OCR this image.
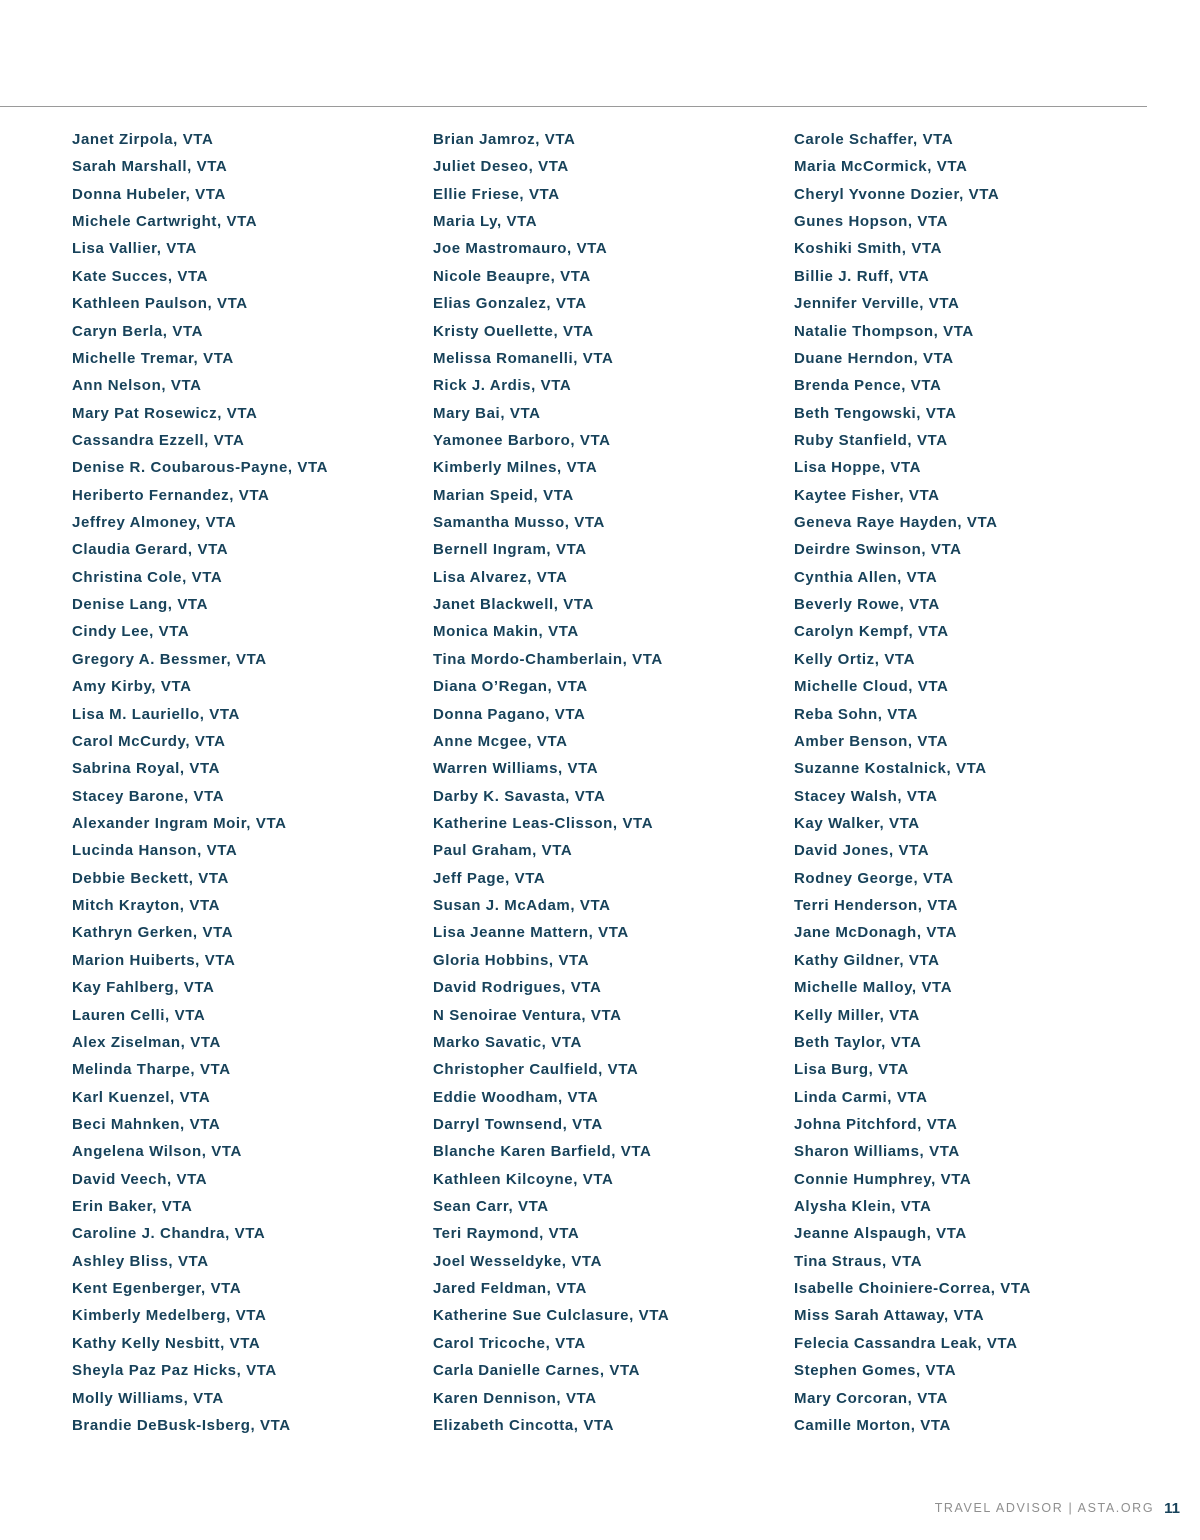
Janet Zirpola, VTA
Sarah Marshall, VTA
Donna Hubeler, VTA
Michele Cartwright, VTA
Lisa Vallier, VTA
Kate Succes, VTA
Kathleen Paulson, VTA
Caryn Berla, VTA
Michelle Tremar, VTA
Ann Nelson, VTA
Mary Pat Rosewicz, VTA
Cassandra Ezzell, VTA
Denise R. Coubarous-Payne, VTA
Heriberto Fernandez, VTA
Jeffrey Almoney, VTA
Claudia Gerard, VTA
Christina Cole, VTA
Denise Lang, VTA
Cindy Lee, VTA
Gregory A. Bessmer, VTA
Amy Kirby, VTA
Lisa M. Lauriello, VTA
Carol McCurdy, VTA
Sabrina Royal, VTA
Stacey Barone, VTA
Alexander Ingram Moir, VTA
Lucinda Hanson, VTA
Debbie Beckett, VTA
Mitch Krayton, VTA
Kathryn Gerken, VTA
Marion Huiberts, VTA
Kay Fahlberg, VTA
Lauren Celli, VTA
Alex Ziselman, VTA
Melinda Tharpe, VTA
Karl Kuenzel, VTA
Beci Mahnken, VTA
Angelena Wilson, VTA
David Veech, VTA
Erin Baker, VTA
Caroline J. Chandra, VTA
Ashley Bliss, VTA
Kent Egenberger, VTA
Kimberly Medelberg, VTA
Kathy Kelly Nesbitt, VTA
Sheyla Paz Paz Hicks, VTA
Molly Williams, VTA
Brandie DeBusk-Isberg, VTA
Brian Jamroz, VTA
Juliet Deseo, VTA
Ellie Friese, VTA
Maria Ly, VTA
Joe Mastromauro, VTA
Nicole Beaupre, VTA
Elias Gonzalez, VTA
Kristy Ouellette, VTA
Melissa Romanelli, VTA
Rick J. Ardis, VTA
Mary Bai, VTA
Yamonee Barboro, VTA
Kimberly Milnes, VTA
Marian Speid, VTA
Samantha Musso, VTA
Bernell Ingram, VTA
Lisa Alvarez, VTA
Janet Blackwell, VTA
Monica Makin, VTA
Tina Mordo-Chamberlain, VTA
Diana O’Regan, VTA
Donna Pagano, VTA
Anne Mcgee, VTA
Warren Williams, VTA
Darby K. Savasta, VTA
Katherine Leas-Clisson, VTA
Paul Graham, VTA
Jeff Page, VTA
Susan J. McAdam, VTA
Lisa Jeanne Mattern, VTA
Gloria Hobbins, VTA
David Rodrigues, VTA
N Senoirae Ventura, VTA
Marko Savatic, VTA
Christopher Caulfield, VTA
Eddie Woodham, VTA
Darryl Townsend, VTA
Blanche Karen Barfield, VTA
Kathleen Kilcoyne, VTA
Sean Carr, VTA
Teri Raymond, VTA
Joel Wesseldyke, VTA
Jared Feldman, VTA
Katherine Sue Culclasure, VTA
Carol Tricoche, VTA
Carla Danielle Carnes, VTA
Karen Dennison, VTA
Elizabeth Cincotta, VTA
Carole Schaffer, VTA
Maria McCormick, VTA
Cheryl Yvonne Dozier, VTA
Gunes Hopson, VTA
Koshiki Smith, VTA
Billie J. Ruff, VTA
Jennifer Verville, VTA
Natalie Thompson, VTA
Duane Herndon, VTA
Brenda Pence, VTA
Beth Tengowski, VTA
Ruby Stanfield, VTA
Lisa Hoppe, VTA
Kaytee Fisher, VTA
Geneva Raye Hayden, VTA
Deirdre Swinson, VTA
Cynthia Allen, VTA
Beverly Rowe, VTA
Carolyn Kempf, VTA
Kelly Ortiz, VTA
Michelle Cloud, VTA
Reba Sohn, VTA
Amber Benson, VTA
Suzanne Kostalnick, VTA
Stacey Walsh, VTA
Kay Walker, VTA
David Jones, VTA
Rodney George, VTA
Terri Henderson, VTA
Jane McDonagh, VTA
Kathy Gildner, VTA
Michelle Malloy, VTA
Kelly Miller, VTA
Beth Taylor, VTA
Lisa Burg, VTA
Linda Carmi, VTA
Johna Pitchford, VTA
Sharon Williams, VTA
Connie Humphrey, VTA
Alysha Klein, VTA
Jeanne Alspaugh, VTA
Tina Straus, VTA
Isabelle Choiniere-Correa, VTA
Miss Sarah Attaway, VTA
Felecia Cassandra Leak, VTA
Stephen Gomes, VTA
Mary Corcoran, VTA
Camille Morton, VTA
TRAVEL ADVISOR | ASTA.ORG 11
